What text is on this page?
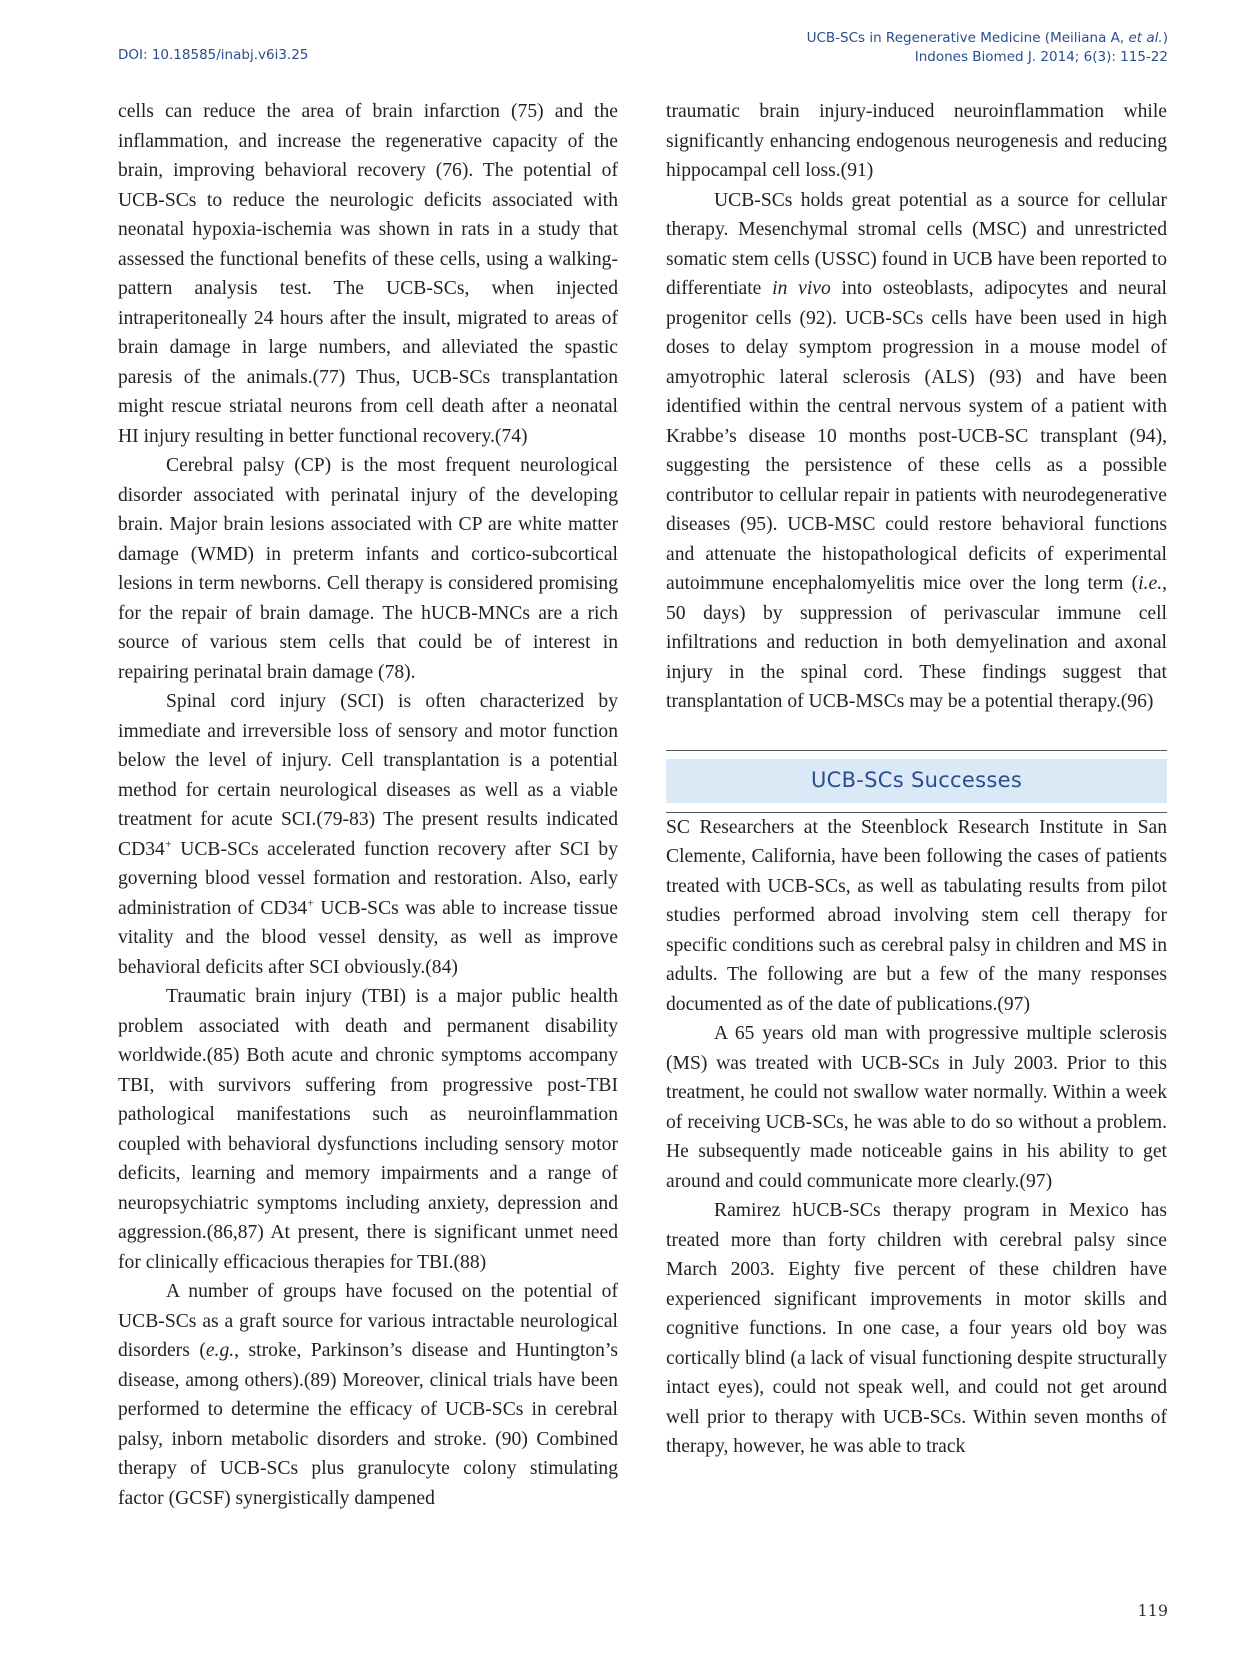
DOI: 10.18585/inabj.v6i3.25
UCB-SCs in Regenerative Medicine (Meiliana A, et al.)
Indones Biomed J. 2014; 6(3): 115-22

cells can reduce the area of brain infarction (75) and the inflammation, and increase the regenerative capacity of the brain, improving behavioral recovery (76). The potential of UCB-SCs to reduce the neurologic deficits associated with neonatal hypoxia-ischemia was shown in rats in a study that assessed the functional benefits of these cells, using a walking-pattern analysis test. The UCB-SCs, when injected intraperitoneally 24 hours after the insult, migrated to areas of brain damage in large numbers, and alleviated the spastic paresis of the animals.(77) Thus, UCB-SCs transplantation might rescue striatal neurons from cell death after a neonatal HI injury resulting in better functional recovery.(74)

Cerebral palsy (CP) is the most frequent neurological disorder associated with perinatal injury of the developing brain. Major brain lesions associated with CP are white matter damage (WMD) in preterm infants and cortico-subcortical lesions in term newborns. Cell therapy is considered promising for the repair of brain damage. The hUCB-MNCs are a rich source of various stem cells that could be of interest in repairing perinatal brain damage (78).

Spinal cord injury (SCI) is often characterized by immediate and irreversible loss of sensory and motor function below the level of injury. Cell transplantation is a potential method for certain neurological diseases as well as a viable treatment for acute SCI.(79-83) The present results indicated CD34+ UCB-SCs accelerated function recovery after SCI by governing blood vessel formation and restoration. Also, early administration of CD34+ UCB-SCs was able to increase tissue vitality and the blood vessel density, as well as improve behavioral deficits after SCI obviously.(84)

Traumatic brain injury (TBI) is a major public health problem associated with death and permanent disability worldwide.(85) Both acute and chronic symptoms accompany TBI, with survivors suffering from progressive post-TBI pathological manifestations such as neuroinflammation coupled with behavioral dysfunctions including sensory motor deficits, learning and memory impairments and a range of neuropsychiatric symptoms including anxiety, depression and aggression.(86,87) At present, there is significant unmet need for clinically efficacious therapies for TBI.(88)

A number of groups have focused on the potential of UCB-SCs as a graft source for various intractable neurological disorders (e.g., stroke, Parkinson’s disease and Huntington’s disease, among others).(89) Moreover, clinical trials have been performed to determine the efficacy of UCB-SCs in cerebral palsy, inborn metabolic disorders and stroke. (90) Combined therapy of UCB-SCs plus granulocyte colony stimulating factor (GCSF) synergistically dampened

traumatic brain injury-induced neuroinflammation while significantly enhancing endogenous neurogenesis and reducing hippocampal cell loss.(91)

UCB-SCs holds great potential as a source for cellular therapy. Mesenchymal stromal cells (MSC) and unrestricted somatic stem cells (USSC) found in UCB have been reported to differentiate in vivo into osteoblasts, adipocytes and neural progenitor cells (92). UCB-SCs cells have been used in high doses to delay symptom progression in a mouse model of amyotrophic lateral sclerosis (ALS) (93) and have been identified within the central nervous system of a patient with Krabbe’s disease 10 months post-UCB-SC transplant (94), suggesting the persistence of these cells as a possible contributor to cellular repair in patients with neurodegenerative diseases (95). UCB-MSC could restore behavioral functions and attenuate the histopathological deficits of experimental autoimmune encephalomyelitis mice over the long term (i.e., 50 days) by suppression of perivascular immune cell infiltrations and reduction in both demyelination and axonal injury in the spinal cord. These findings suggest that transplantation of UCB-MSCs may be a potential therapy.(96)

UCB-SCs Successes

SC Researchers at the Steenblock Research Institute in San Clemente, California, have been following the cases of patients treated with UCB-SCs, as well as tabulating results from pilot studies performed abroad involving stem cell therapy for specific conditions such as cerebral palsy in children and MS in adults. The following are but a few of the many responses documented as of the date of publications.(97)

A 65 years old man with progressive multiple sclerosis (MS) was treated with UCB-SCs in July 2003. Prior to this treatment, he could not swallow water normally. Within a week of receiving UCB-SCs, he was able to do so without a problem. He subsequently made noticeable gains in his ability to get around and could communicate more clearly.(97)

Ramirez hUCB-SCs therapy program in Mexico has treated more than forty children with cerebral palsy since March 2003. Eighty five percent of these children have experienced significant improvements in motor skills and cognitive functions. In one case, a four years old boy was cortically blind (a lack of visual functioning despite structurally intact eyes), could not speak well, and could not get around well prior to therapy with UCB-SCs. Within seven months of therapy, however, he was able to track

119
